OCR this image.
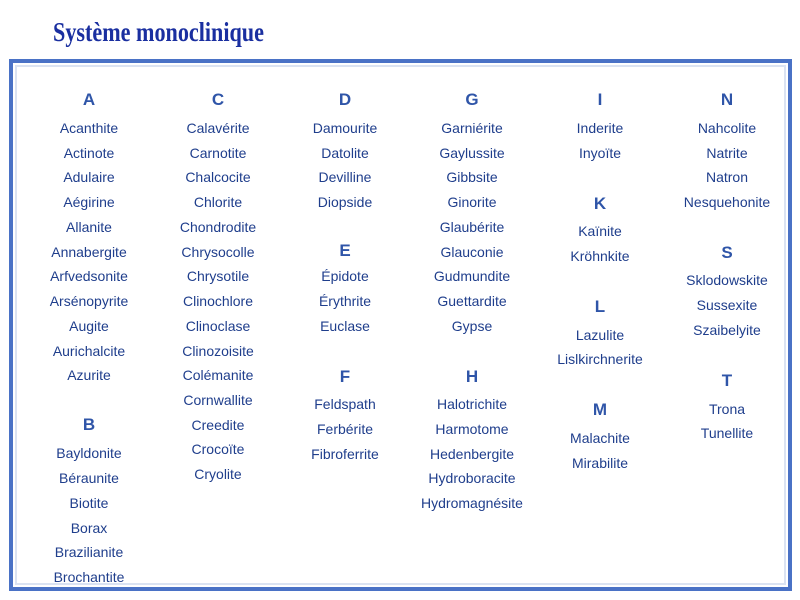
Système monoclinique
A
Acanthite
Actinote
Adulaire
Aégirine
Allanite
Annabergite
Arfvedsonite
Arsénopyrite
Augite
Aurichalcite
Azurite
B
Bayldonite
Béraunite
Biotite
Borax
Brazilianite
Brochantite
C
Calavérite
Carnotite
Chalcocite
Chlorite
Chondrodite
Chrysocolle
Chrysotile
Clinochlore
Clinoclase
Clinozoisite
Colémanite
Cornwallite
Creedite
Crocoïte
Cryolite
D
Damourite
Datolite
Devilline
Diopside
E
Épidote
Érythrite
Euclase
F
Feldspath
Ferbérite
Fibroferrite
G
Garniérite
Gaylussite
Gibbsite
Ginorite
Glaubérite
Glauconie
Gudmundite
Guettardite
Gypse
H
Halotrichite
Harmotome
Hedenbergite
Hydroboracite
Hydromagnésite
I
Inderite
Inyoïte
K
Kaïnite
Kröhnkite
L
Lazulite
Lislkirchnerite
M
Malachite
Mirabilite
N
Nahcolite
Natrite
Natron
Nesquehonite
S
Sklodowskite
Sussexite
Szaibelyite
T
Trona
Tunellite
